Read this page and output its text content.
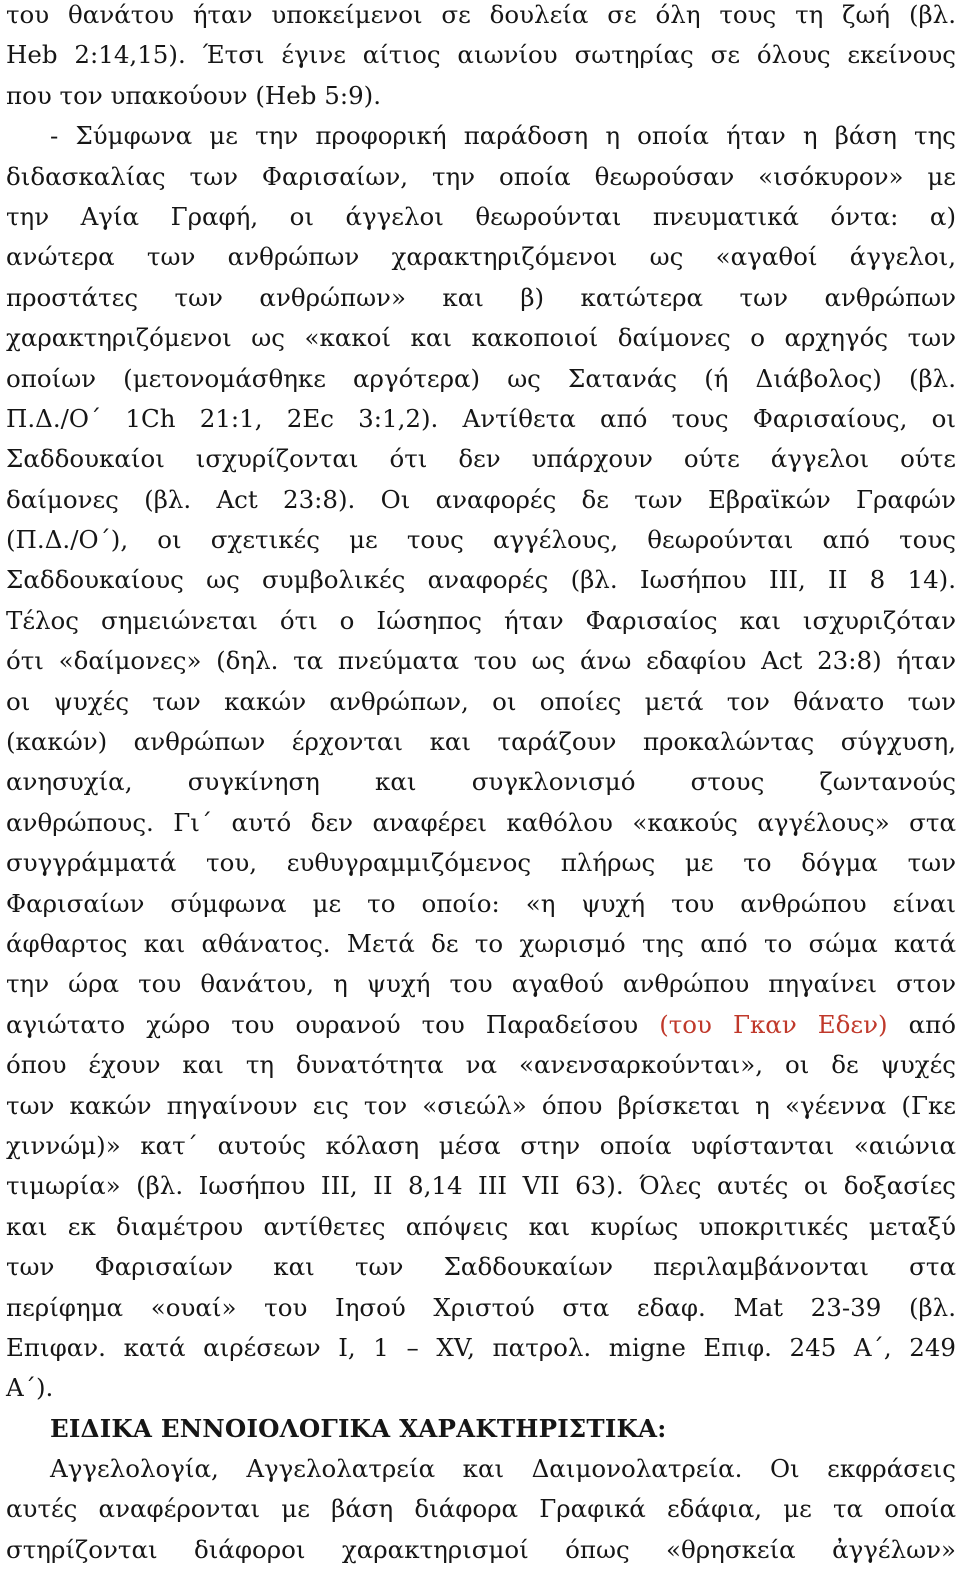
του θανάτου ήταν υποκείμενοι σε δουλεία σε όλη τους τη ζωή (βλ.
Heb 2:14,15). Έτσι έγινε αίτιος αιωνίου σωτηρίας σε όλους εκείνους
που τον υπακούουν (Heb 5:9).
- Σύμφωνα με την προφορική παράδοση η οποία ήταν η βάση της
διδασκαλίας των Φαρισαίων, την οποία θεωρούσαν «ισόκυρον» με
την Αγία Γραφή, οι άγγελοι θεωρούνται πνευματικά όντα: α)
ανώτερα των ανθρώπων χαρακτηριζόμενοι ως «αγαθοί άγγελοι,
προστάτες των ανθρώπων» και β) κατώτερα των ανθρώπων
χαρακτηριζόμενοι ως «κακοί και κακοποιοί δαίμονες ο αρχηγός των
οποίων (μετονομάσθηκε αργότερα) ως Σατανάς (ή Διάβολος) (βλ.
Π.Δ./Ο΄ 1Ch 21:1, 2Ec 3:1,2). Αντίθετα από τους Φαρισαίους, οι
Σαδδουκαίοι ισχυρίζονται ότι δεν υπάρχουν ούτε άγγελοι ούτε
δαίμονες (βλ. Act 23:8). Οι αναφορές δε των Εβραϊκών Γραφών
(Π.Δ./Ο΄), οι σχετικές με τους αγγέλους, θεωρούνται από τους
Σαδδουκαίους ως συμβολικές αναφορές (βλ. Ιωσήπου III, II 8 14).
Τέλος σημειώνεται ότι ο Ιώσηπος ήταν Φαρισαίος και ισχυριζόταν
ότι «δαίμονες» (δηλ. τα πνεύματα του ως άνω εδαφίου Act 23:8) ήταν
οι ψυχές των κακών ανθρώπων, οι οποίες μετά τον θάνατο των
(κακών) ανθρώπων έρχονται και ταράζουν προκαλώντας σύγχυση,
ανησυχία, συγκίνηση και συγκλονισμό στους ζωντανούς
ανθρώπους. Γι΄ αυτό δεν αναφέρει καθόλου «κακούς αγγέλους» στα
συγγράμματά του, ευθυγραμμιζόμενος πλήρως με το δόγμα των
Φαρισαίων σύμφωνα με το οποίο: «η ψυχή του ανθρώπου είναι
άφθαρτος και αθάνατος. Μετά δε το χωρισμό της από το σώμα κατά
την ώρα του θανάτου, η ψυχή του αγαθού ανθρώπου πηγαίνει στον
αγιώτατο χώρο του ουρανού του Παραδείσου (του Γκαν Εδεν) από
όπου έχουν και τη δυνατότητα να «ανενσαρκούνται», οι δε ψυχές
των κακών πηγαίνουν εις τον «σιεώλ» όπου βρίσκεται η «γέεννα (Γκε
χιννώμ)» κατ΄ αυτούς κόλαση μέσα στην οποία υφίστανται «αιώνια
τιμωρία» (βλ. Ιωσήπου III, II 8,14 III VII 63). Όλες αυτές οι δοξασίες
και εκ διαμέτρου αντίθετες απόψεις και κυρίως υποκριτικές μεταξύ
των Φαρισαίων και των Σαδδουκαίων περιλαμβάνονται στα
περίφημα «ουαί» του Ιησού Χριστού στα εδαφ. Mat 23-39 (βλ.
Επιφαν. κατά αιρέσεων Ι, 1 – XV, πατρολ. migne Επιφ. 245 Α΄, 249
Α΄).
ΕΙΔΙΚΑ ΕΝΝΟΙΟΛΟΓΙΚΑ ΧΑΡΑΚΤΗΡΙΣΤΙΚΑ:
Αγγελολογία, Αγγελολατρεία και Δαιμονολατρεία. Οι εκφράσεις
αυτές αναφέρονται με βάση διάφορα Γραφικά εδάφια, με τα οποία
στηρίζονται διάφοροι χαρακτηρισμοί όπως «θρησκεία ἀγγέλων»
